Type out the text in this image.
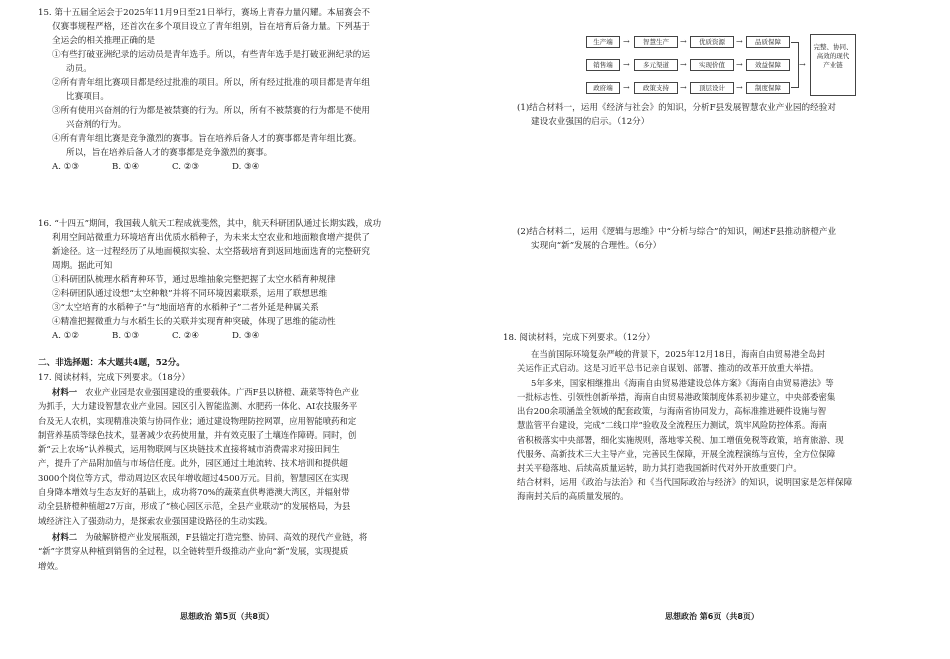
15. 第十五届全运会于2025年11月9日至21日举行，赛场上青春力量闪耀。本届赛会不
仅赛事规程严格，还首次在多个项目设立了青年组别，旨在培育后备力量。下列基于
全运会的相关推理正确的是
①有些打破亚洲纪录的运动员是青年选手。所以，有些青年选手是打破亚洲纪录的运
动员。
②所有青年组比赛项目都是经过批准的项目。所以，所有经过批准的项目都是青年组
比赛项目。
③所有使用兴奋剂的行为都是被禁赛的行为。所以，所有不被禁赛的行为都是不使用
兴奋剂的行为。
④所有青年组比赛是竞争激烈的赛事。旨在培养后备人才的赛事都是青年组比赛。
所以，旨在培养后备人才的赛事都是竞争激烈的赛事。
A. ①③	B. ①④	C. ②③	D. ③④
16. “十四五”期间，我国载人航天工程成就斐然，其中，航天科研团队通过长期实践，成功
利用空间站微重力环境培育出优质水稻种子，为未来太空农业和地面粮食增产提供了
新途径。这一过程经历了从地面模拟实验、太空搭载培育到返回地面选育的完整研究
周期。据此可知
①科研团队梳理水稻育种环节，通过思维抽象完整把握了太空水稻育种规律
②科研团队通过设想“太空种粮”并将不同环境因素联系，运用了联想思维
③“太空培育的水稻种子”与“地面培育的水稻种子”二者外延是种属关系
④精准把握微重力与水稻生长的关联并实现育种突破，体现了思维的能动性
A. ①②	B. ①③	C. ②④	D. ③④
二、非选择题：本大题共4题，52分。
17. 阅读材料，完成下列要求。（18分）
材料一 农业产业园是农业强国建设的重要载体。广西F县以脐橙、蔬菜等特色产业
为抓手，大力建设智慧农业产业园。园区引入智能监测、水肥药一体化、AI农技服务平
台及无人农机，实现精准决策与协同作业；通过建设物理防控网罩，应用智能喷药和定
制营养基质等绿色技术，显著减少农药使用量，并有效克服了土壤连作障碍。同时，创
新“云上农场”认养模式，运用物联网与区块链技术直接将城市消费需求对接田间生
产，提升了产品附加值与市场信任度。此外，园区通过土地流转、技术培训和提供超
3000个岗位等方式，带动周边区农民年增收超过4500万元。目前，智慧园区在实现
自身降本增效与生态友好的基础上，成功将70%的蔬菜直供粤港澳大湾区，并辐射带
动全县脐橙种植超27万亩，形成了“核心园区示范，全县产业联动”的发展格局，为县
域经济注入了强劲动力，是探索农业强国建设路径的生动实践。
材料二 为破解脐橙产业发展瓶颈，F县锚定打造完整、协同、高效的现代产业链，将
“新”字贯穿从种植到销售的全过程，以全链转型升级推动产业向“新”发展，实现提质
增效。
思想政治 第5页（共8页）	思想政治 第6页（共8页）
生产端	→	智慧生产	→	优质资源	→	品质保障
销售端	→	多元渠道	→	实现价值	→	效益保障
政府端	→	政策支持	→	顶层设计	→	制度保障
→
完整、协同、
高效的现代
产业链
(1)结合材料一，运用《经济与社会》的知识，分析F县发展智慧农业产业园的经验对
建设农业强国的启示。（12分）
(2)结合材料二，运用《逻辑与思维》中“分析与综合”的知识，阐述F县推动脐橙产业
实现向“新”发展的合理性。（6分）
18. 阅读材料，完成下列要求。（12分）
在当前国际环境复杂严峻的背景下，2025年12月18日，海南自由贸易港全岛封
关运作正式启动。这是习近平总书记亲自谋划、部署、推动的改革开放重大举措。
5年多来，国家相继推出《海南自由贸易港建设总体方案》《海南自由贸易港法》等
一批标志性、引领性创新举措，海南自由贸易港政策制度体系初步建立，中央部委密集
出台200余项涵盖全领域的配套政策，与海南省协同发力，高标准推进硬件设施与智
慧监管平台建设，完成“二线口岸”验收及全流程压力测试，筑牢风险防控体系。海南
省积极落实中央部署，细化实施规则，落地零关税、加工增值免税等政策，培育旅游、现
代服务、高新技术三大主导产业，完善民生保障，开展全流程演练与宣传，全方位保障
封关平稳落地、后续高质量运转，助力其打造我国新时代对外开放重要门户。
结合材料，运用《政治与法治》和《当代国际政治与经济》的知识，说明国家是怎样保障
海南封关后的高质量发展的。
